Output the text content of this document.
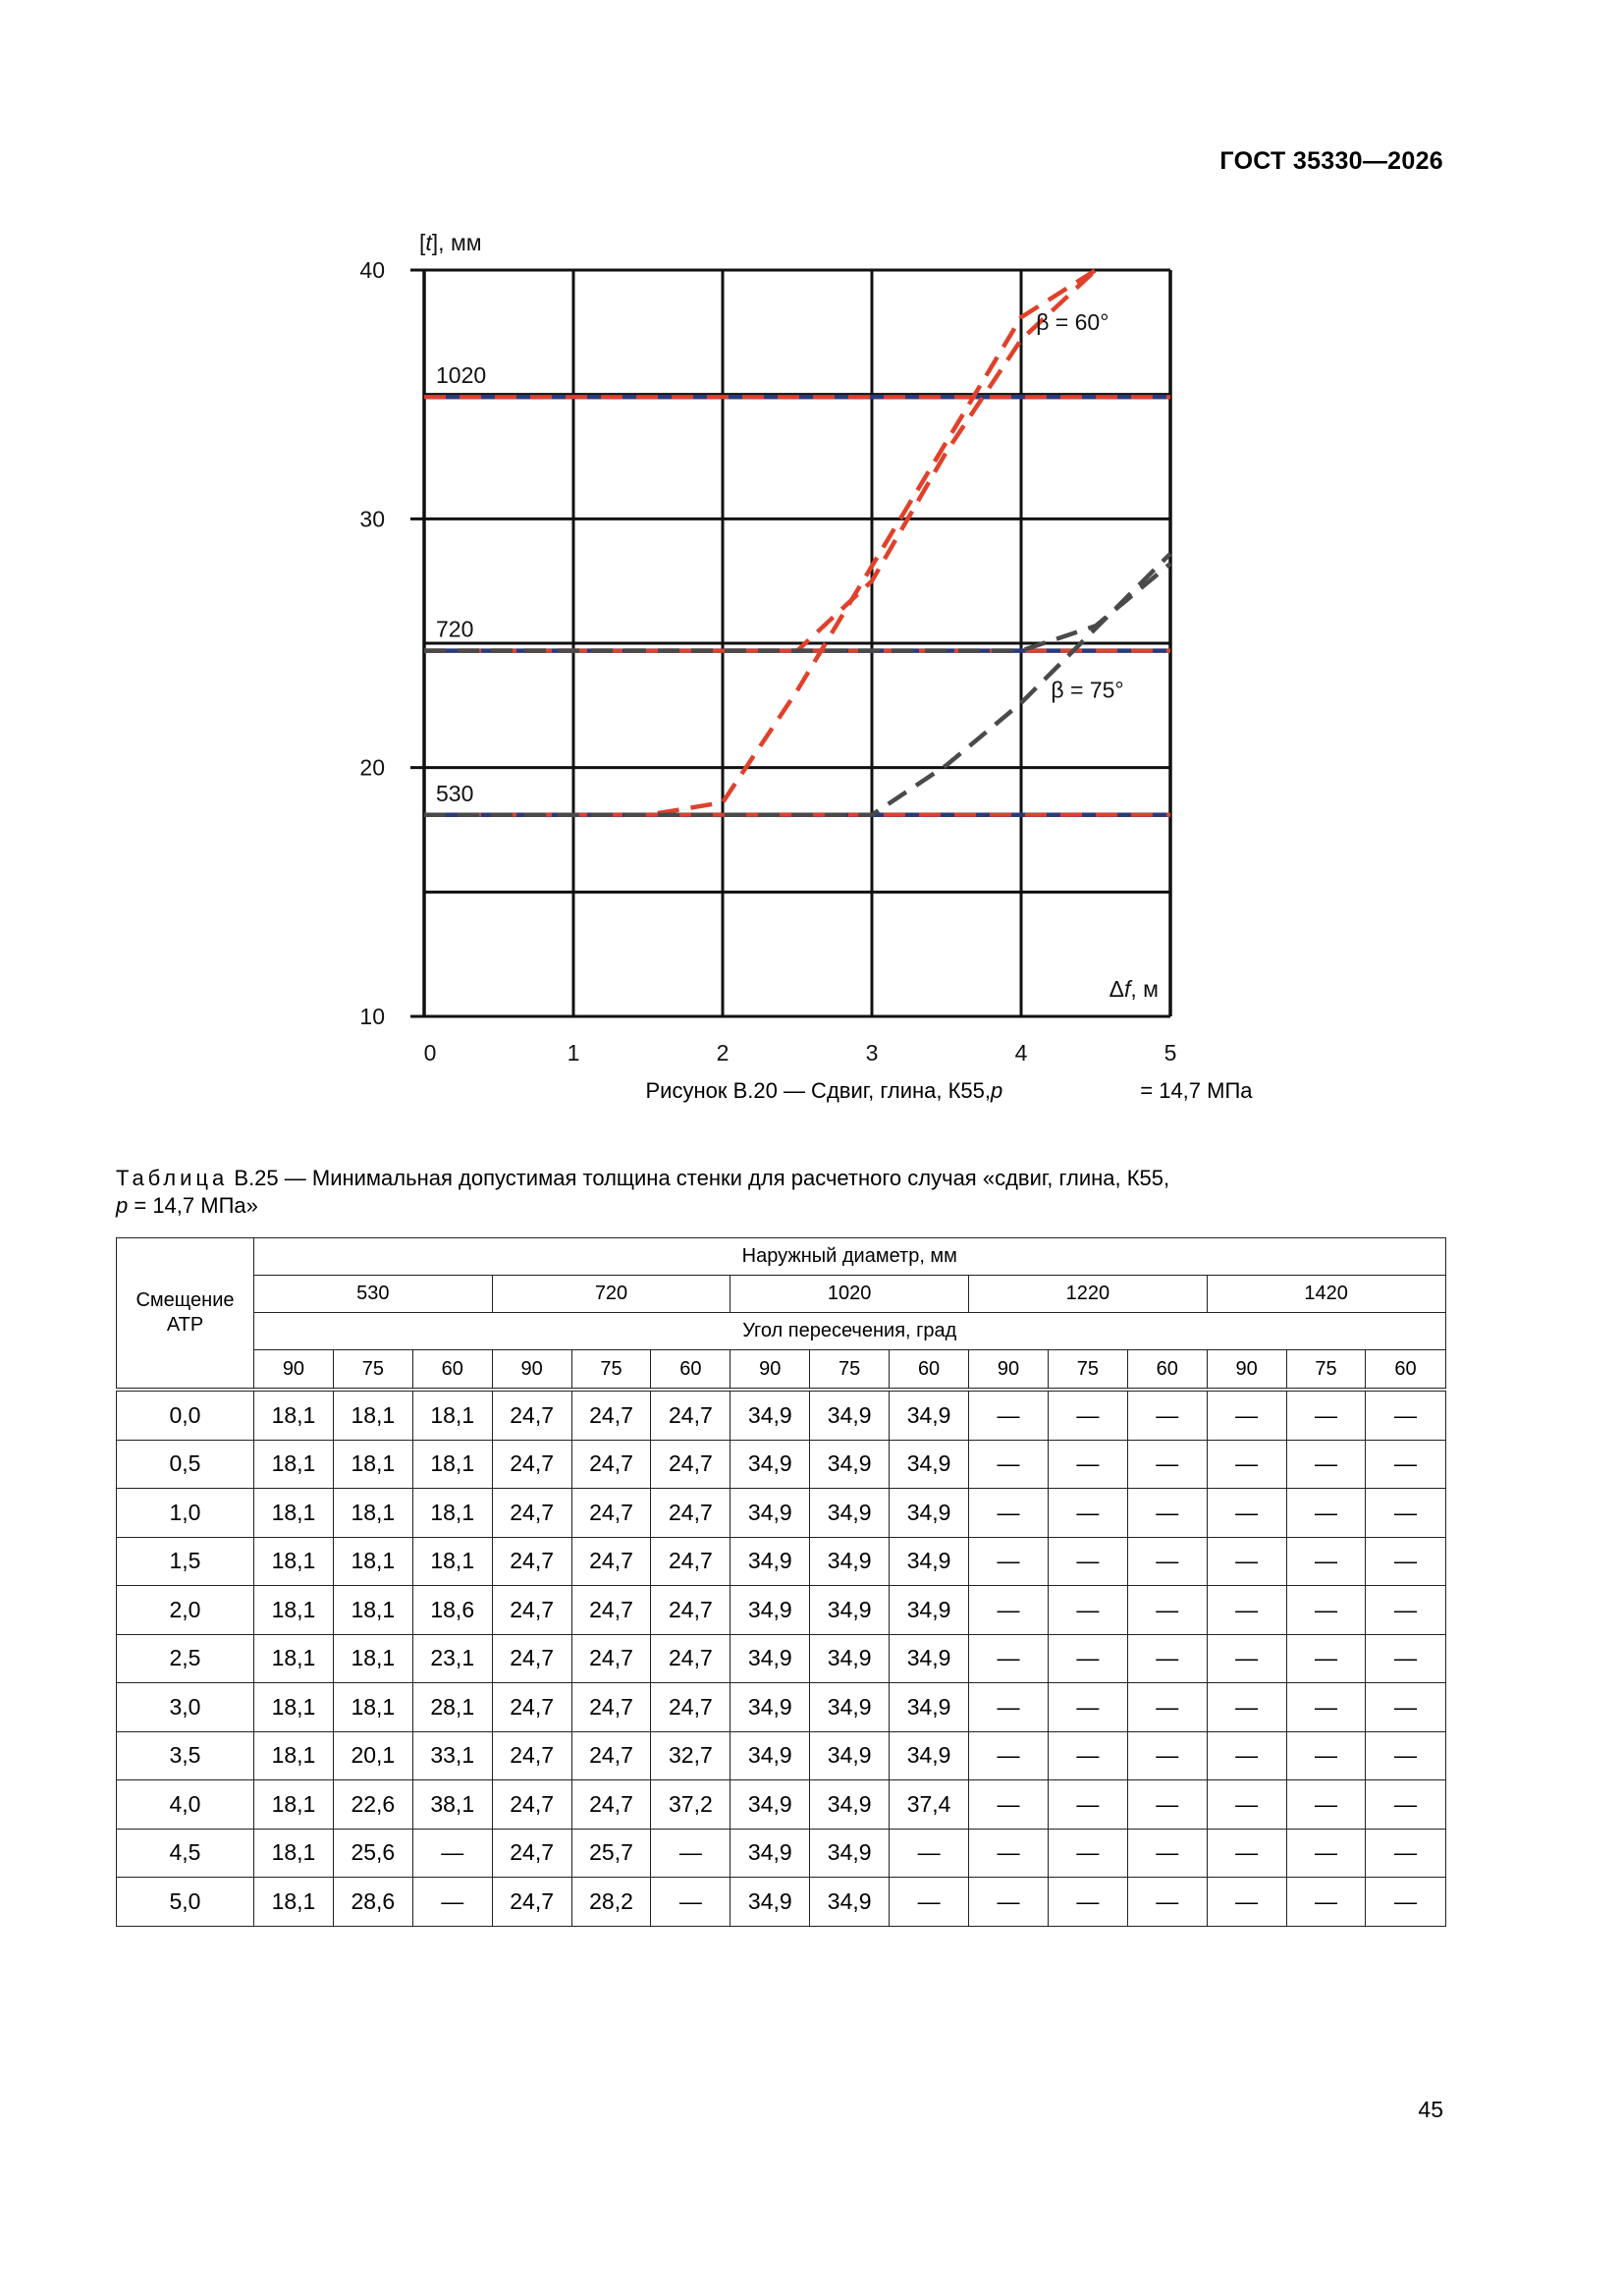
ГОСТ 35330—2026
10
20
30
40
0	1	2	3	4	5
[t], мм
Δf, м
1020
720
530
β = 60°
β = 75°
Рисунок В.20 — Сдвиг, глина, К55,p	= 14,7 МПа
Таблица В.25 — Минимальная допустимая толщина стенки для расчетного случая «сдвиг, глина, К55,
p = 14,7 МПа»
Смещение
АТР	Наружный диаметр, мм														
	530			720			1020			1220			1420		
	Угол пересечения, град														
	90	75	60	90	75	60	90	75	60	90	75	60	90	75	60
0,0	18,1	18,1	18,1	24,7	24,7	24,7	34,9	34,9	34,9	—	—	—	—	—	—
0,5	18,1	18,1	18,1	24,7	24,7	24,7	34,9	34,9	34,9	—	—	—	—	—	—
1,0	18,1	18,1	18,1	24,7	24,7	24,7	34,9	34,9	34,9	—	—	—	—	—	—
1,5	18,1	18,1	18,1	24,7	24,7	24,7	34,9	34,9	34,9	—	—	—	—	—	—
2,0	18,1	18,1	18,6	24,7	24,7	24,7	34,9	34,9	34,9	—	—	—	—	—	—
2,5	18,1	18,1	23,1	24,7	24,7	24,7	34,9	34,9	34,9	—	—	—	—	—	—
3,0	18,1	18,1	28,1	24,7	24,7	24,7	34,9	34,9	34,9	—	—	—	—	—	—
3,5	18,1	20,1	33,1	24,7	24,7	32,7	34,9	34,9	34,9	—	—	—	—	—	—
4,0	18,1	22,6	38,1	24,7	24,7	37,2	34,9	34,9	37,4	—	—	—	—	—	—
4,5	18,1	25,6	—	24,7	25,7	—	34,9	34,9	—	—	—	—	—	—	—
5,0	18,1	28,6	—	24,7	28,2	—	34,9	34,9	—	—	—	—	—	—	—
45
